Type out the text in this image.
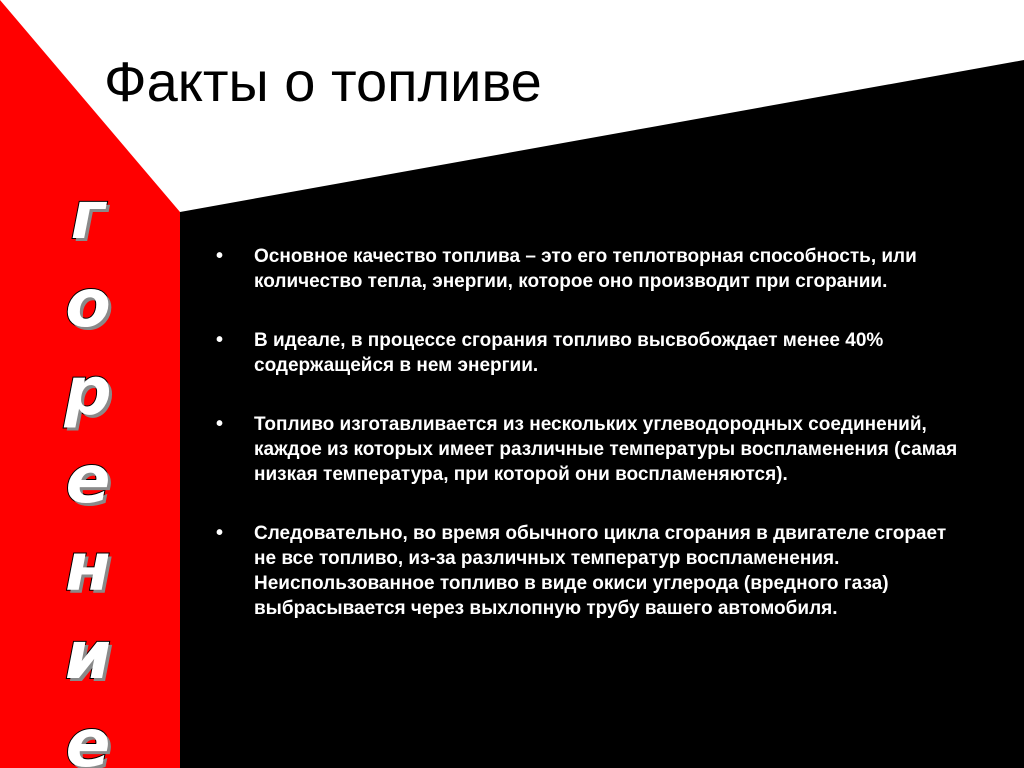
Факты о топливе
г
о
р
е
н
и
е
• Основное качество топлива – это его теплотворная способность, или количество тепла, энергии, которое оно производит при сгорании.
• В идеале, в процессе сгорания топливо высвобождает менее 40% содержащейся в нем энергии.
• Топливо изготавливается из нескольких углеводородных соединений, каждое из которых имеет различные температуры воспламенения (самая низкая температура, при которой они воспламеняются).
• Следовательно, во время обычного цикла сгорания в двигателе сгорает не все топливо, из-за различных температур воспламенения. Неиспользованное топливо в виде окиси углерода (вредного газа) выбрасывается через выхлопную трубу вашего автомобиля.
